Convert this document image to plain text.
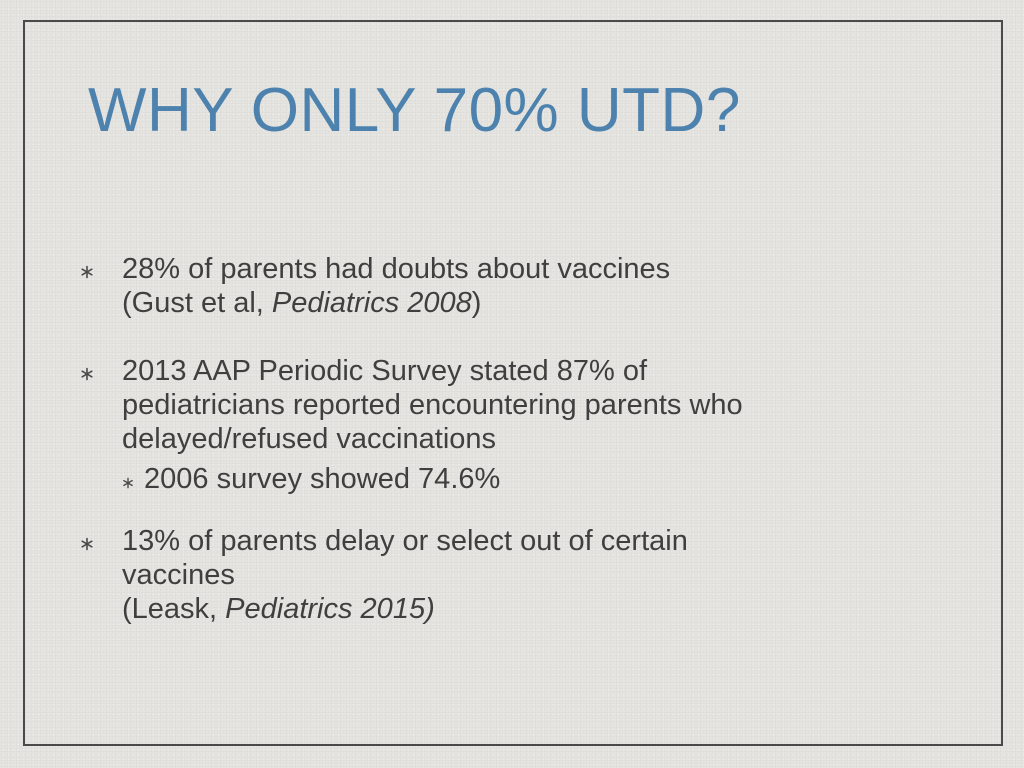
WHY ONLY 70% UTD?
28% of parents had doubts about vaccines
(Gust et al, Pediatrics 2008)
2013 AAP Periodic Survey stated 87% of
pediatricians reported encountering parents who
delayed/refused vaccinations
2006 survey showed 74.6%
13% of parents delay or select out of certain
vaccines
(Leask, Pediatrics 2015)
